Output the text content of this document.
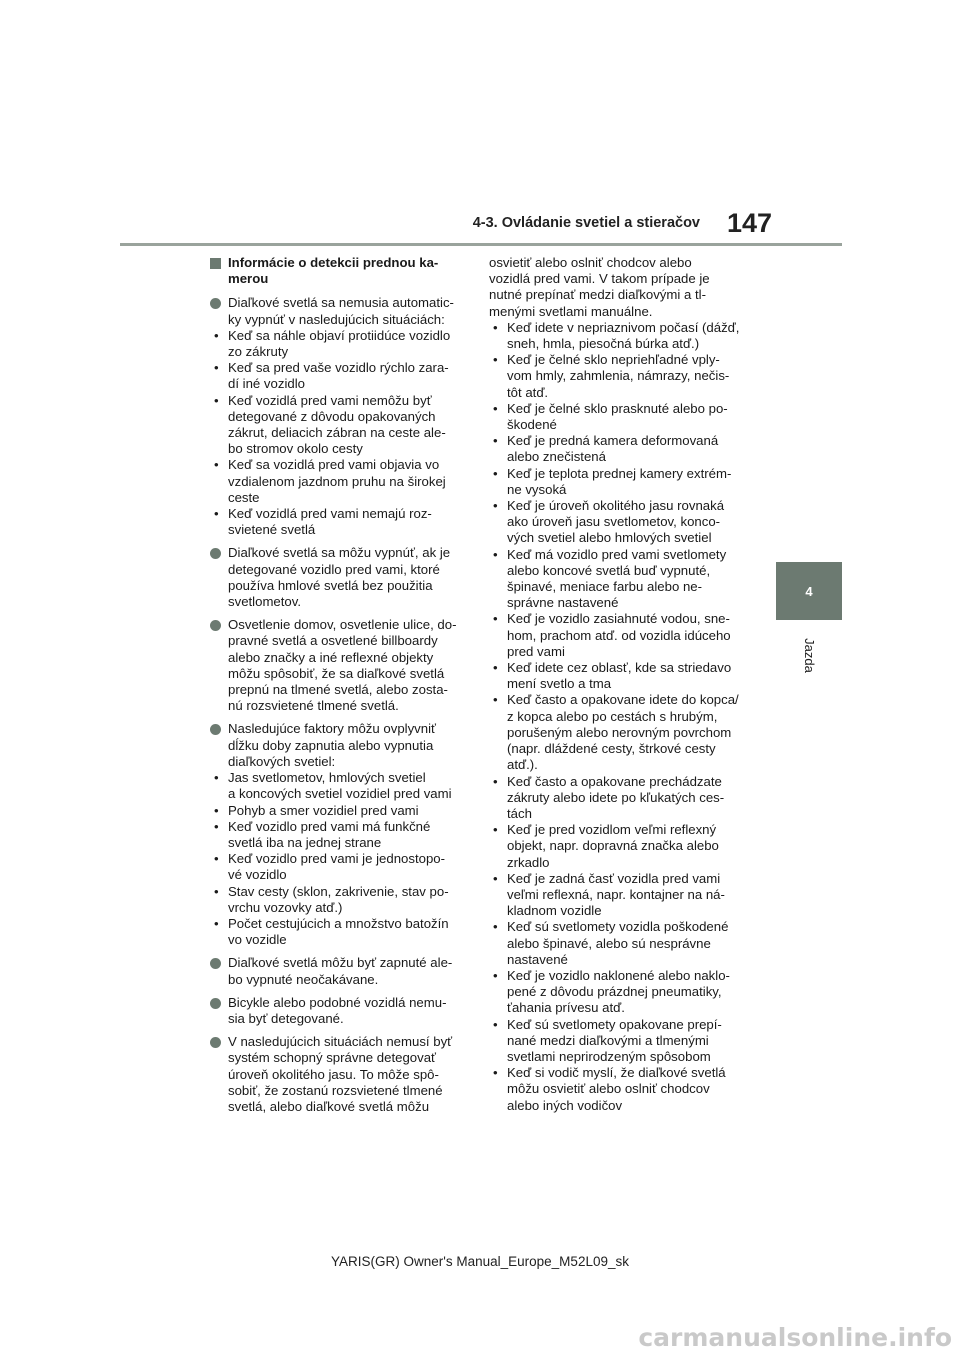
4-3. Ovládanie svetiel a stieračov 147
4
Jazda
Informácie o detekcii prednou ka-
merou
Diaľkové svetlá sa nemusia automatic-
ky vypnúť v nasledujúcich situáciách:
• Keď sa náhle objaví protiidúce vozidlo
zo zákruty
• Keď sa pred vaše vozidlo rýchlo zara-
dí iné vozidlo
• Keď vozidlá pred vami nemôžu byť
detegované z dôvodu opakovaných
zákrut, deliacich zábran na ceste ale-
bo stromov okolo cesty
• Keď sa vozidlá pred vami objavia vo
vzdialenom jazdnom pruhu na širokej
ceste
• Keď vozidlá pred vami nemajú roz-
svietené svetlá
Diaľkové svetlá sa môžu vypnúť, ak je
detegované vozidlo pred vami, ktoré
používa hmlové svetlá bez použitia
svetlometov.
Osvetlenie domov, osvetlenie ulice, do-
pravné svetlá a osvetlené billboardy
alebo značky a iné reflexné objekty
môžu spôsobiť, že sa diaľkové svetlá
prepnú na tlmené svetlá, alebo zosta-
nú rozsvietené tlmené svetlá.
Nasledujúce faktory môžu ovplyvniť
dĺžku doby zapnutia alebo vypnutia
diaľkových svetiel:
• Jas svetlometov, hmlových svetiel
a koncových svetiel vozidiel pred vami
• Pohyb a smer vozidiel pred vami
• Keď vozidlo pred vami má funkčné
svetlá iba na jednej strane
• Keď vozidlo pred vami je jednostopo-
vé vozidlo
• Stav cesty (sklon, zakrivenie, stav po-
vrchu vozovky atď.)
• Počet cestujúcich a množstvo batožín
vo vozidle
Diaľkové svetlá môžu byť zapnuté ale-
bo vypnuté neočakávane.
Bicykle alebo podobné vozidlá nemu-
sia byť detegované.
V nasledujúcich situáciách nemusí byť
systém schopný správne detegovať
úroveň okolitého jasu. To môže spô-
sobiť, že zostanú rozsvietené tlmené
svetlá, alebo diaľkové svetlá môžu
osvietiť alebo oslniť chodcov alebo
vozidlá pred vami. V takom prípade je
nutné prepínať medzi diaľkovými a tl-
menými svetlami manuálne.
• Keď idete v nepriaznivom počasí (dážď,
sneh, hmla, piesočná búrka atď.)
• Keď je čelné sklo nepriehľadné vply-
vom hmly, zahmlenia, námrazy, nečis-
tôt atď.
• Keď je čelné sklo prasknuté alebo po-
škodené
• Keď je predná kamera deformovaná
alebo znečistená
• Keď je teplota prednej kamery extrém-
ne vysoká
• Keď je úroveň okolitého jasu rovnaká
ako úroveň jasu svetlometov, konco-
vých svetiel alebo hmlových svetiel
• Keď má vozidlo pred vami svetlomety
alebo koncové svetlá buď vypnuté,
špinavé, meniace farbu alebo ne-
správne nastavené
• Keď je vozidlo zasiahnuté vodou, sne-
hom, prachom atď. od vozidla idúceho
pred vami
• Keď idete cez oblasť, kde sa striedavo
mení svetlo a tma
• Keď často a opakovane idete do kopca/
z kopca alebo po cestách s hrubým,
porušeným alebo nerovným povrchom
(napr. dláždené cesty, štrkové cesty
atď.).
• Keď často a opakovane prechádzate
zákruty alebo idete po kľukatých ces-
tách
• Keď je pred vozidlom veľmi reflexný
objekt, napr. dopravná značka alebo
zrkadlo
• Keď je zadná časť vozidla pred vami
veľmi reflexná, napr. kontajner na ná-
kladnom vozidle
• Keď sú svetlomety vozidla poškodené
alebo špinavé, alebo sú nesprávne
nastavené
• Keď je vozidlo naklonené alebo naklo-
pené z dôvodu prázdnej pneumatiky,
ťahania prívesu atď.
• Keď sú svetlomety opakovane prepí-
nané medzi diaľkovými a tlmenými
svetlami neprirodzeným spôsobom
• Keď si vodič myslí, že diaľkové svetlá
môžu osvietiť alebo oslniť chodcov
alebo iných vodičov
YARIS(GR) Owner's Manual_Europe_M52L09_sk
carmanualsonline.info
